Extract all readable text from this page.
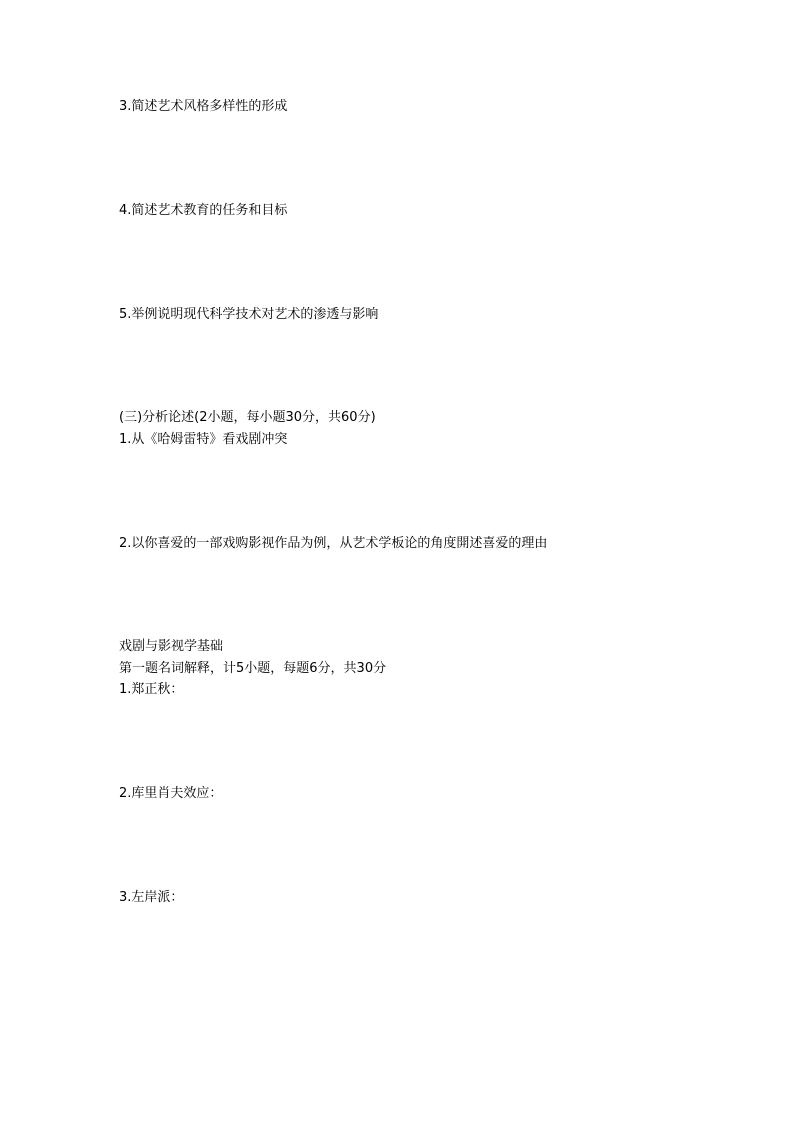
3.简述艺术风格多样性的形成
4.简述艺术教育的任务和目标
5.举例说明现代科学技术对艺术的渗透与影响
(三)分析论述(2小题，每小题30分，共60分)
1.从《哈姆雷特》看戏剧冲突
2.以你喜爱的一部戏购影视作品为例，从艺术学板论的角度開述喜爱的理由
戏剧与影视学基础
第一题名词解释，计5小题，每题6分，共30分
1.郑正秋：
2.库里肖夫效应：
3.左岸派：
